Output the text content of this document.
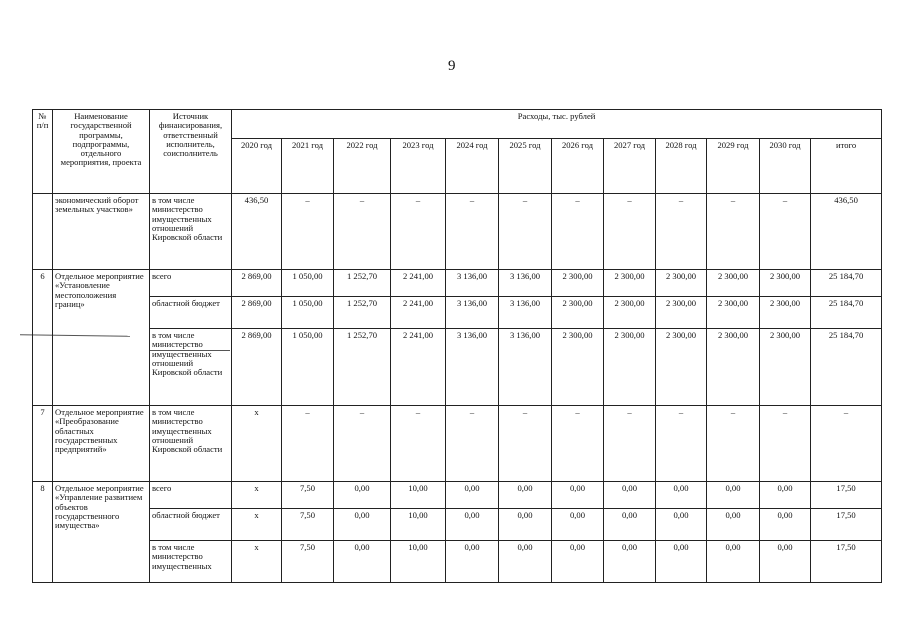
9
№ п/п	Наименование государственной программы, подпрограммы, отдельного мероприятия, проекта	Источник финансирования, ответственный исполнитель, соисполнитель	Расходы, тыс. рублей											
			2020 год	2021 год	2022 год	2023 год	2024 год	2025 год	2026 год	2027 год	2028 год	2029 год	2030 год	итого
	экономический оборот земельных участков»	в том числе министерство имущественных отношений Кировской области	436,50	–	–	–	–	–	–	–	–	–	–	436,50
6	Отдельное мероприятие «Установление местоположения границ»	всего	2 869,00	1 050,00	1 252,70	2 241,00	3 136,00	3 136,00	2 300,00	2 300,00	2 300,00	2 300,00	2 300,00	25 184,70
		областной бюджет	2 869,00	1 050,00	1 252,70	2 241,00	3 136,00	3 136,00	2 300,00	2 300,00	2 300,00	2 300,00	2 300,00	25 184,70
		в том числе министерство имущественных отношений Кировской области	2 869,00	1 050,00	1 252,70	2 241,00	3 136,00	3 136,00	2 300,00	2 300,00	2 300,00	2 300,00	2 300,00	25 184,70
7	Отдельное мероприятие «Преобразование областных государственных предприятий»	в том числе министерство имущественных отношений Кировской области	х	–	–	–	–	–	–	–	–	–	–	–
8	Отдельное мероприятие «Управление развитием объектов государственного имущества»	всего	х	7,50	0,00	10,00	0,00	0,00	0,00	0,00	0,00	0,00	0,00	17,50
		областной бюджет	х	7,50	0,00	10,00	0,00	0,00	0,00	0,00	0,00	0,00	0,00	17,50
		в том числе министерство имущественных	х	7,50	0,00	10,00	0,00	0,00	0,00	0,00	0,00	0,00	0,00	17,50
